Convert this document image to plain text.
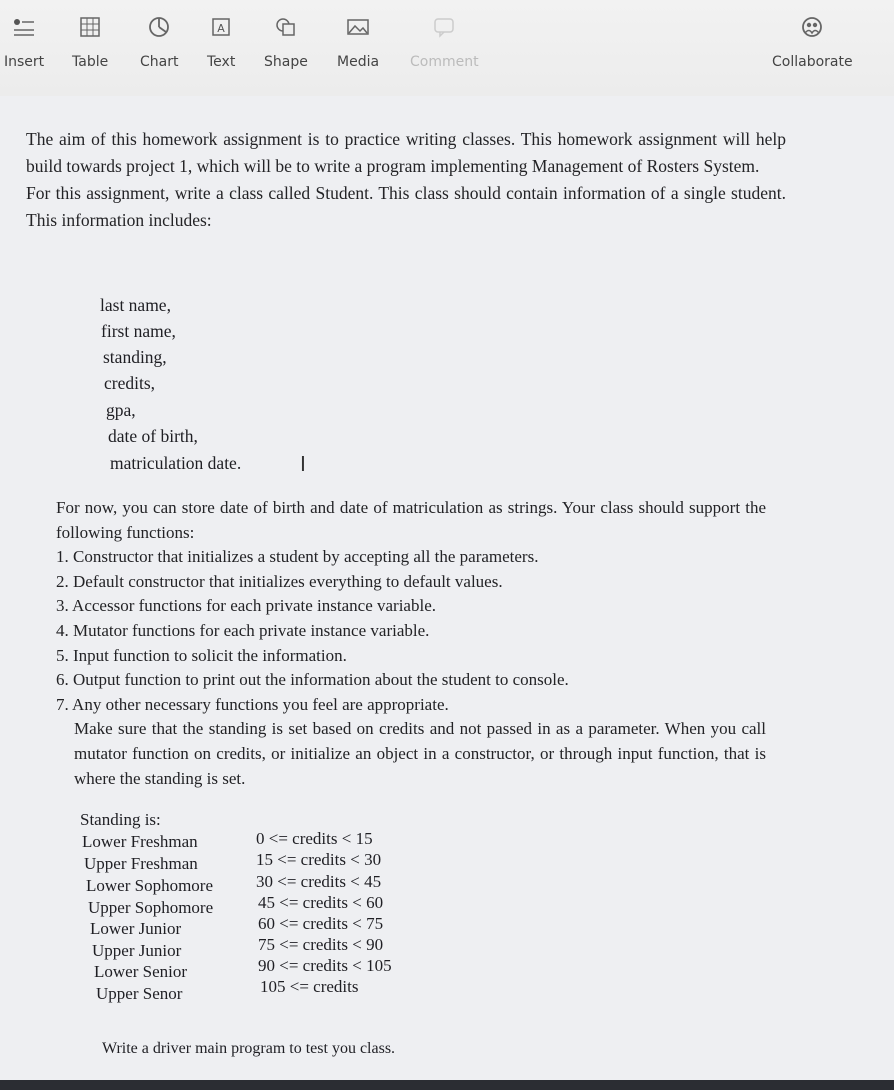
Insert Table Chart
A
Text Shape Media Comment	Collaborate
The aim of this homework assignment is to practice writing classes. This homework assignment will help build towards project 1, which will be to write a program implementing Management of Rosters System.
For this assignment, write a class called Student. This class should contain information of a single student. This information includes:
last name,
first name,
standing,
credits,
gpa,
date of birth,
matriculation date.	I
For now, you can store date of birth and date of matriculation as strings. Your class should support the following functions:
1. Constructor that initializes a student by accepting all the parameters.
2. Default constructor that initializes everything to default values.
3. Accessor functions for each private instance variable.
4. Mutator functions for each private instance variable.
5. Input function to solicit the information.
6. Output function to print out the information about the student to console.
7. Any other necessary functions you feel are appropriate.
Make sure that the standing is set based on credits and not passed in as a parameter. When you call mutator function on credits, or initialize an object in a constructor, or through input function, that is where the standing is set.
Standing is:
Lower Freshman	0 <= credits < 15
Upper Freshman	15 <= credits < 30
Lower Sophomore	30 <= credits < 45
Upper Sophomore	45 <= credits < 60
Lower Junior	60 <= credits < 75
Upper Junior	75 <= credits < 90
Lower Senior	90 <= credits < 105
Upper Senor	105 <= credits
Write a driver main program to test you class.
